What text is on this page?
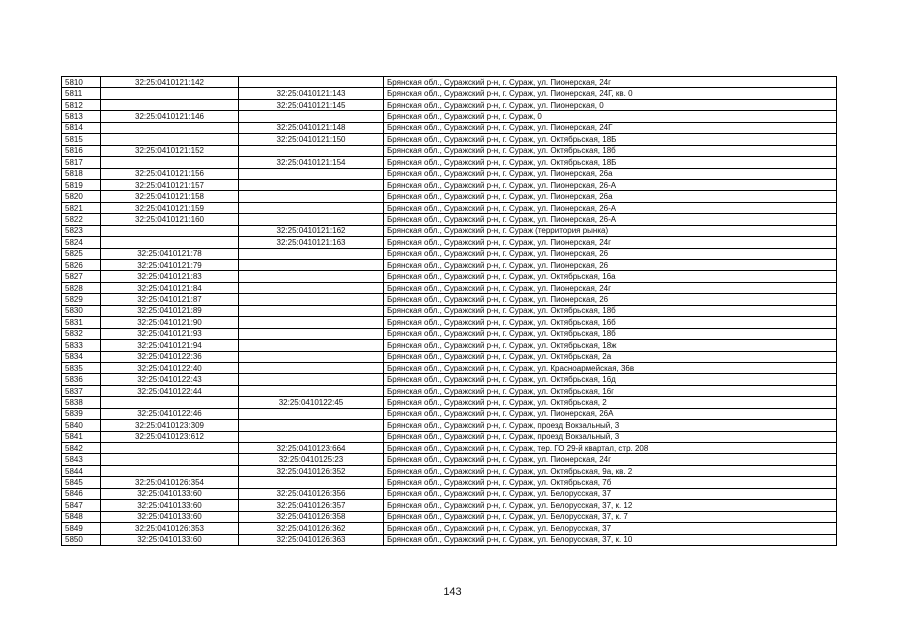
5810	32:25:0410121:142		Брянская обл., Суражский р-н, г. Сураж, ул. Пионерская, 24г
5811		32:25:0410121:143	Брянская обл., Суражский р-н, г. Сураж, ул. Пионерская, 24Г, кв. 0
5812		32:25:0410121:145	Брянская обл., Суражский р-н, г. Сураж, ул. Пионерская, 0
5813	32:25:0410121:146		Брянская обл., Суражский р-н, г. Сураж, 0
5814		32:25:0410121:148	Брянская обл., Суражский р-н, г. Сураж, ул. Пионерская, 24Г
5815		32:25:0410121:150	Брянская обл., Суражский р-н, г. Сураж, ул. Октябрьская, 18Б
5816	32:25:0410121:152		Брянская обл., Суражский р-н, г. Сураж, ул. Октябрьская, 18б
5817		32:25:0410121:154	Брянская обл., Суражский р-н, г. Сураж, ул. Октябрьская, 18Б
5818	32:25:0410121:156		Брянская обл., Суражский р-н, г. Сураж, ул. Пионерская, 26а
5819	32:25:0410121:157		Брянская обл., Суражский р-н, г. Сураж, ул. Пионерская, 26-А
5820	32:25:0410121:158		Брянская обл., Суражский р-н, г. Сураж, ул. Пионерская, 26а
5821	32:25:0410121:159		Брянская обл., Суражский р-н, г. Сураж, ул. Пионерская, 26-А
5822	32:25:0410121:160		Брянская обл., Суражский р-н, г. Сураж, ул. Пионерская, 26-А
5823		32:25:0410121:162	Брянская обл., Суражский р-н, г. Сураж (территория рынка)
5824		32:25:0410121:163	Брянская обл., Суражский р-н, г. Сураж, ул. Пионерская, 24г
5825	32:25:0410121:78		Брянская обл., Суражский р-н, г. Сураж, ул. Пионерская, 26
5826	32:25:0410121:79		Брянская обл., Суражский р-н, г. Сураж, ул. Пионерская, 26
5827	32:25:0410121:83		Брянская обл., Суражский р-н, г. Сураж, ул. Октябрьская, 16а
5828	32:25:0410121:84		Брянская обл., Суражский р-н, г. Сураж, ул. Пионерская, 24г
5829	32:25:0410121:87		Брянская обл., Суражский р-н, г. Сураж, ул. Пионерская, 26
5830	32:25:0410121:89		Брянская обл., Суражский р-н, г. Сураж, ул. Октябрьская, 18б
5831	32:25:0410121:90		Брянская обл., Суражский р-н, г. Сураж, ул. Октябрьская, 16б
5832	32:25:0410121:93		Брянская обл., Суражский р-н, г. Сураж, ул. Октябрьская, 18б
5833	32:25:0410121:94		Брянская обл., Суражский р-н, г. Сураж, ул. Октябрьская, 18ж
5834	32:25:0410122:36		Брянская обл., Суражский р-н, г. Сураж, ул. Октябрьская, 2а
5835	32:25:0410122:40		Брянская обл., Суражский р-н, г. Сураж, ул. Красноармейская, 36в
5836	32:25:0410122:43		Брянская обл., Суражский р-н, г. Сураж, ул. Октябрьская, 16д
5837	32:25:0410122:44		Брянская обл., Суражский р-н, г. Сураж, ул. Октябрьская, 16г
5838		32:25:0410122:45	Брянская обл., Суражский р-н, г. Сураж, ул. Октябрьская, 2
5839	32:25:0410122:46		Брянская обл., Суражский р-н, г. Сураж, ул. Пионерская, 26А
5840	32:25:0410123:309		Брянская обл., Суражский р-н, г. Сураж, проезд Вокзальный, 3
5841	32:25:0410123:612		Брянская обл., Суражский р-н, г. Сураж, проезд Вокзальный, 3
5842		32:25:0410123:664	Брянская обл., Суражский р-н, г. Сураж, тер. ГО 29-й квартал, стр. 208
5843		32:25:0410125:23	Брянская обл., Суражский р-н, г. Сураж, ул. Пионерская, 24г
5844		32:25:0410126:352	Брянская обл., Суражский р-н, г. Сураж, ул. Октябрьская, 9а, кв. 2
5845	32:25:0410126:354		Брянская обл., Суражский р-н, г. Сураж, ул. Октябрьская, 7б
5846	32:25:0410133:60	32:25:0410126:356	Брянская обл., Суражский р-н, г. Сураж, ул. Белорусская, 37
5847	32:25:0410133:60	32:25:0410126:357	Брянская обл., Суражский р-н, г. Сураж, ул. Белорусская, 37, к. 12
5848	32:25:0410133:60	32:25:0410126:358	Брянская обл., Суражский р-н, г. Сураж, ул. Белорусская, 37, к. 7
5849	32:25:0410126:353	32:25:0410126:362	Брянская обл., Суражский р-н, г. Сураж, ул. Белорусская, 37
5850	32:25:0410133:60	32:25:0410126:363	Брянская обл., Суражский р-н, г. Сураж, ул. Белорусская, 37, к. 10
143
